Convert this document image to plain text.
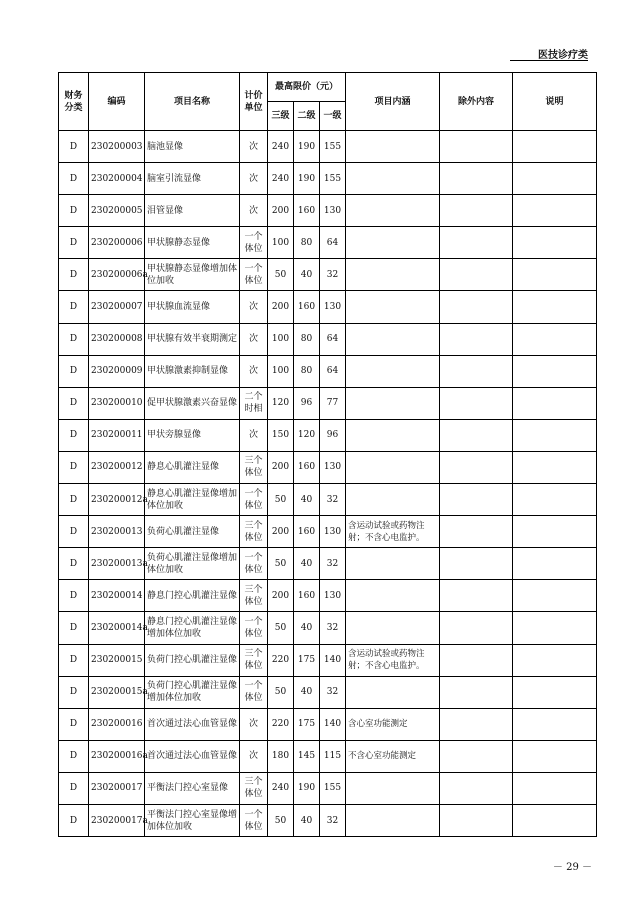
医技诊疗类
财务分类	编码	项目名称	计价单位	最高限价（元）			项目内涵	除外内容	说明
				三级	二级	一级			
D	230200003	脑池显像	次	240	190	155			
D	230200004	脑室引流显像	次	240	190	155			
D	230200005	泪管显像	次	200	160	130			
D	230200006	甲状腺静态显像	一个体位	100	80	64			
D	230200006a	甲状腺静态显像增加体位加收	一个体位	50	40	32			
D	230200007	甲状腺血流显像	次	200	160	130			
D	230200008	甲状腺有效半衰期测定	次	100	80	64			
D	230200009	甲状腺激素抑制显像	次	100	80	64			
D	230200010	促甲状腺激素兴奋显像	二个时相	120	96	77			
D	230200011	甲状旁腺显像	次	150	120	96			
D	230200012	静息心肌灌注显像	三个体位	200	160	130			
D	230200012a	静息心肌灌注显像增加体位加收	一个体位	50	40	32			
D	230200013	负荷心肌灌注显像	三个体位	200	160	130	含运动试验或药物注射；不含心电监护。		
D	230200013a	负荷心肌灌注显像增加体位加收	一个体位	50	40	32			
D	230200014	静息门控心肌灌注显像	三个体位	200	160	130			
D	230200014a	静息门控心肌灌注显像增加体位加收	一个体位	50	40	32			
D	230200015	负荷门控心肌灌注显像	三个体位	220	175	140	含运动试验或药物注射；不含心电监护。		
D	230200015a	负荷门控心肌灌注显像增加体位加收	一个体位	50	40	32			
D	230200016	首次通过法心血管显像	次	220	175	140	含心室功能测定		
D	230200016a	首次通过法心血管显像	次	180	145	115	不含心室功能测定		
D	230200017	平衡法门控心室显像	三个体位	240	190	155			
D	230200017a	平衡法门控心室显像增加体位加收	一个体位	50	40	32			
－ 29 －
